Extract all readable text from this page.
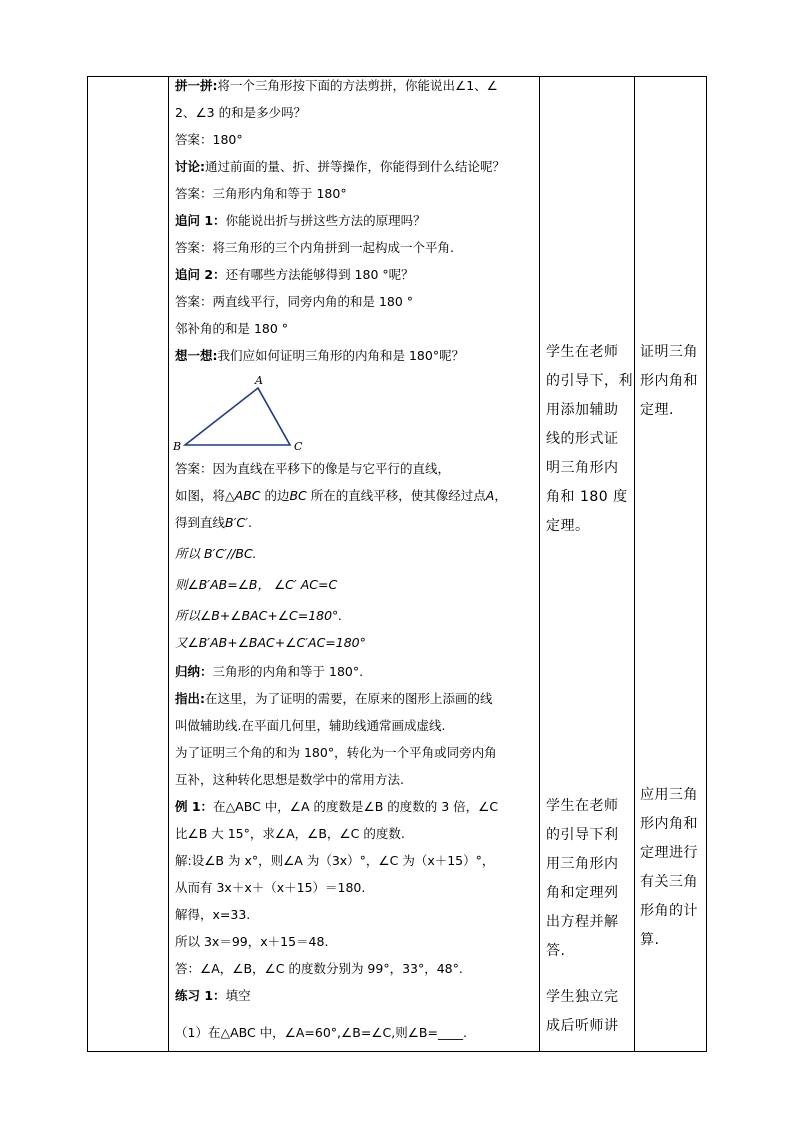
拼一拼:将一个三角形按下面的方法剪拼，你能说出∠1、∠
2、∠3 的和是多少吗？
答案：180°
讨论:通过前面的量、折、拼等操作，你能得到什么结论呢？
答案：三角形内角和等于 180°
追问 1：你能说出折与拼这些方法的原理吗？
答案：将三角形的三个内角拼到一起构成一个平角.
追问 2：还有哪些方法能够得到 180 °呢？
答案：两直线平行，同旁内角的和是 180 °
邻补角的和是 180 °
想一想:我们应如何证明三角形的内角和是 180°呢？
A
B	C
答案：因为直线在平移下的像是与它平行的直线，
如图，将△ABC 的边BC 所在的直线平移，使其像经过点A，
得到直线B′C′.
所以 B′C′//BC.
则∠B′AB=∠B， ∠C′ AC=C
所以∠B+∠BAC+∠C=180°.
又∠B′AB+∠BAC+∠C′AC=180°
归纳：三角形的内角和等于 180°.
指出:在这里，为了证明的需要，在原来的图形上添画的线
叫做辅助线.在平面几何里，辅助线通常画成虚线.
为了证明三个角的和为 180°，转化为一个平角或同旁内角
互补，这种转化思想是数学中的常用方法.
例 1：在△ABC 中，∠A 的度数是∠B 的度数的 3 倍，∠C
比∠B 大 15°，求∠A，∠B，∠C 的度数.
解:设∠B 为 x°，则∠A 为（3x）°，∠C 为（x＋15）°，
从而有 3x＋x＋（x＋15）＝180.
解得，x=33.
所以 3x＝99，x＋15＝48.
答：∠A，∠B，∠C 的度数分别为 99°，33°，48°.
练习 1：填空
（1）在△ABC 中，∠A=60°,∠B=∠C,则∠B=____.
学生在老师
的引导下，利
用添加辅助
线的形式证
明三角形内
角和 180 度
定理。
学生在老师
的引导下利
用三角形内
角和定理列
出方程并解
答.
学生独立完
成后听师讲
证明三角
形内角和
定理.
应用三角
形内角和
定理进行
有关三角
形角的计
算.
